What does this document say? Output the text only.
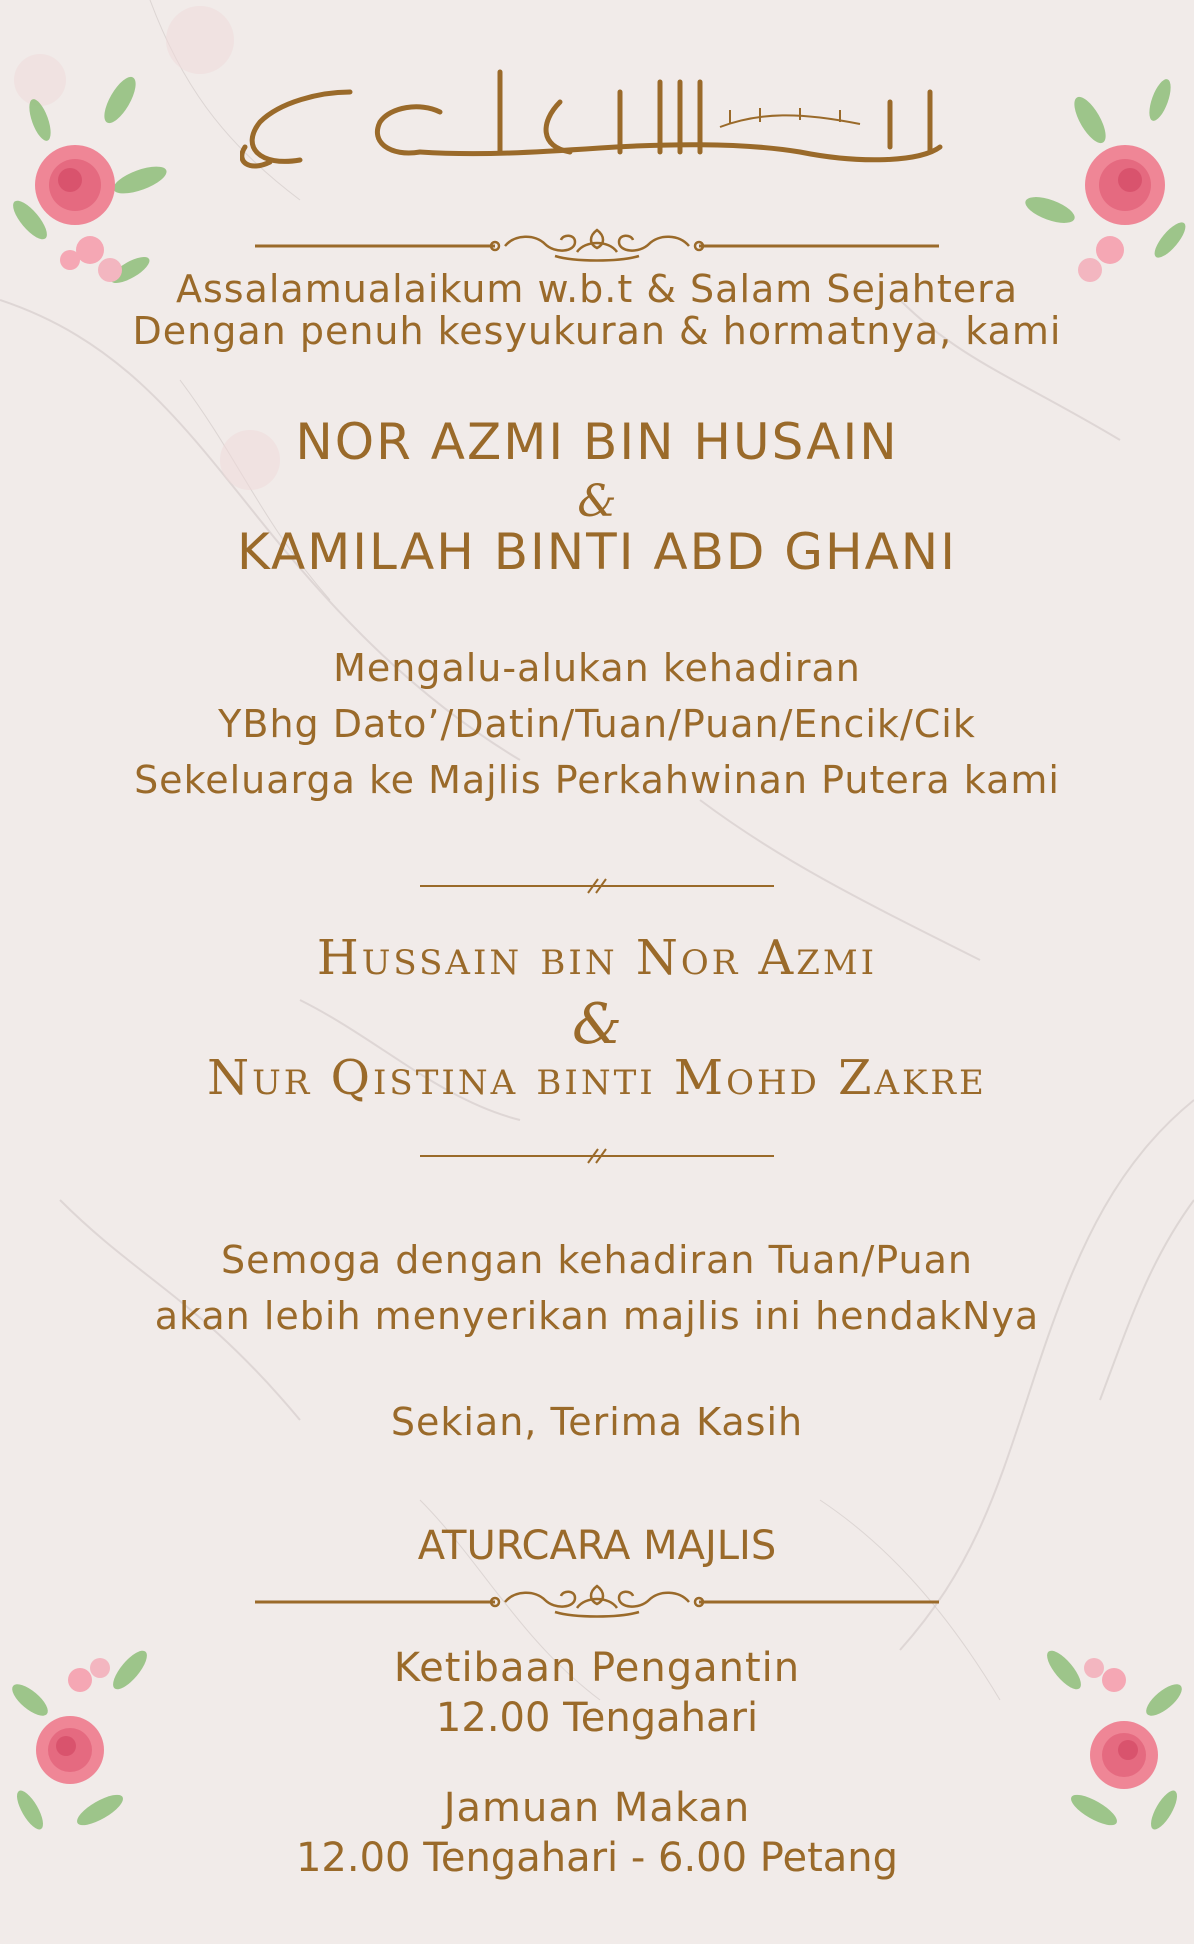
Assalamualaikum w.b.t & Salam Sejahtera
Dengan penuh kesyukuran & hormatnya, kami
NOR AZMI BIN HUSAIN
&
KAMILAH BINTI ABD GHANI
Mengalu-alukan kehadiran
YBhg Dato’/Datin/Tuan/Puan/Encik/Cik
Sekeluarga ke Majlis Perkahwinan Putera kami
Hussain bin Nor Azmi
&
Nur Qistina binti Mohd Zakre
Semoga dengan kehadiran Tuan/Puan
akan lebih menyerikan majlis ini hendakNya
Sekian, Terima Kasih
ATURCARA MAJLIS
Ketibaan Pengantin
12.00 Tengahari
Jamuan Makan
12.00 Tengahari - 6.00 Petang
